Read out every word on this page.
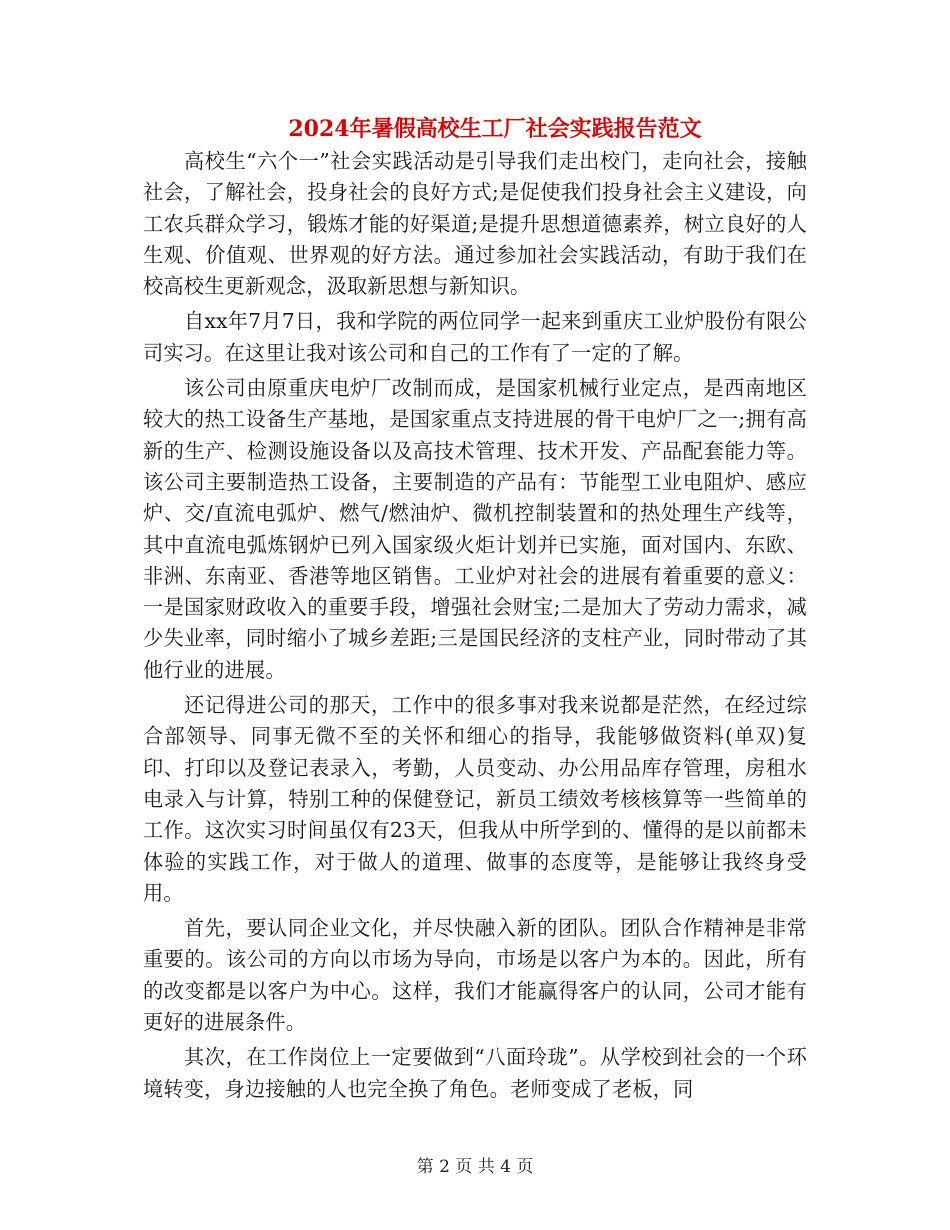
2024年暑假高校生工厂社会实践报告范文

高校生“六个一”社会实践活动是引导我们走出校门，走向社会，接触社会，了解社会，投身社会的良好方式;是促使我们投身社会主义建设，向工农兵群众学习，锻炼才能的好渠道;是提升思想道德素养，树立良好的人生观、价值观、世界观的好方法。通过参加社会实践活动，有助于我们在校高校生更新观念，汲取新思想与新知识。

自xx年7月7日，我和学院的两位同学一起来到重庆工业炉股份有限公司实习。在这里让我对该公司和自己的工作有了一定的了解。

该公司由原重庆电炉厂改制而成，是国家机械行业定点，是西南地区较大的热工设备生产基地，是国家重点支持进展的骨干电炉厂之一;拥有高新的生产、检测设施设备以及高技术管理、技术开发、产品配套能力等。该公司主要制造热工设备，主要制造的产品有：节能型工业电阻炉、感应炉、交/直流电弧炉、燃气/燃油炉、微机控制装置和的热处理生产线等，其中直流电弧炼钢炉已列入国家级火炬计划并已实施，面对国内、东欧、非洲、东南亚、香港等地区销售。工业炉对社会的进展有着重要的意义：一是国家财政收入的重要手段，增强社会财宝;二是加大了劳动力需求，减少失业率，同时缩小了城乡差距;三是国民经济的支柱产业，同时带动了其他行业的进展。

还记得进公司的那天，工作中的很多事对我来说都是茫然，在经过综合部领导、同事无微不至的关怀和细心的指导，我能够做资料(单双)复印、打印以及登记表录入，考勤，人员变动、办公用品库存管理，房租水电录入与计算，特别工种的保健登记，新员工绩效考核核算等一些简单的工作。这次实习时间虽仅有23天，但我从中所学到的、懂得的是以前都未体验的实践工作，对于做人的道理、做事的态度等，是能够让我终身受用。

首先，要认同企业文化，并尽快融入新的团队。团队合作精神是非常重要的。该公司的方向以市场为导向，市场是以客户为本的。因此，所有的改变都是以客户为中心。这样，我们才能赢得客户的认同，公司才能有更好的进展条件。

其次，在工作岗位上一定要做到“八面玲珑”。从学校到社会的一个环境转变，身边接触的人也完全换了角色。老师变成了老板，同

第 2 页 共 4 页
